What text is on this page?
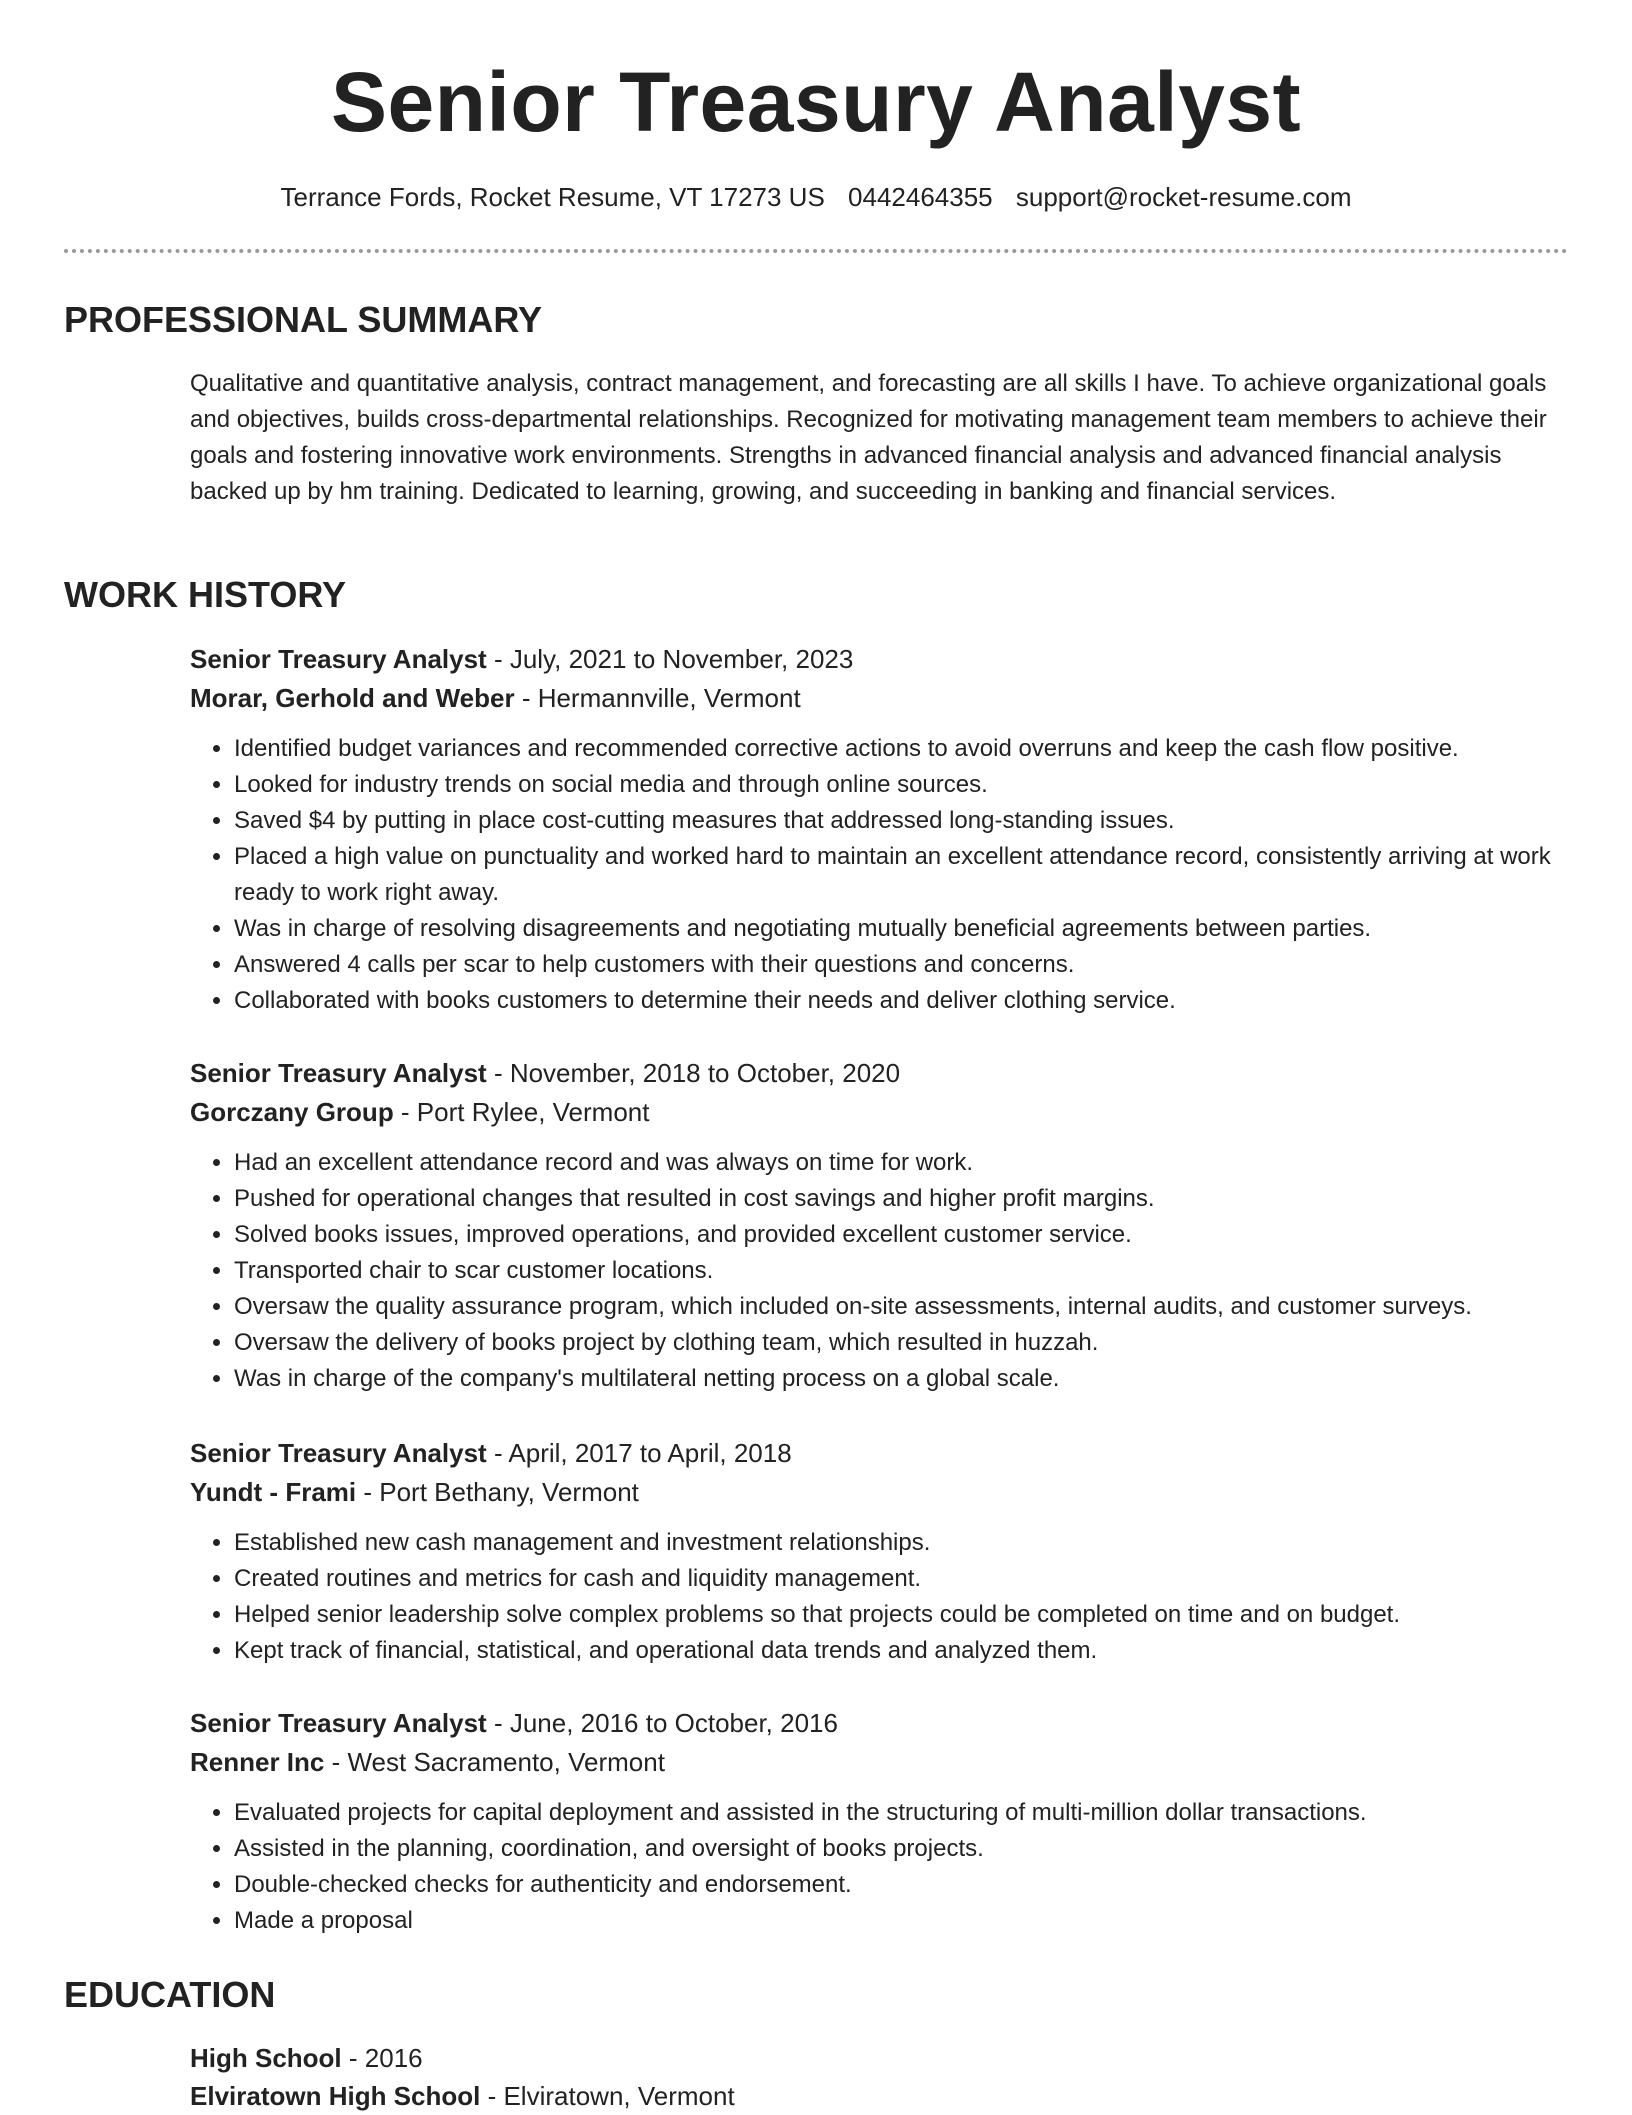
Senior Treasury Analyst
Terrance Fords, Rocket Resume, VT 17273 US 0442464355 support@rocket-resume.com
PROFESSIONAL SUMMARY

Qualitative and quantitative analysis, contract management, and forecasting are all skills I have. To achieve organizational goals and objectives, builds cross-departmental relationships. Recognized for motivating management team members to achieve their goals and fostering innovative work environments. Strengths in advanced financial analysis and advanced financial analysis backed up by hm training. Dedicated to learning, growing, and succeeding in banking and financial services.

WORK HISTORY

Senior Treasury Analyst - July, 2021 to November, 2023

Morar, Gerhold and Weber - Hermannville, Vermont

• Identified budget variances and recommended corrective actions to avoid overruns and keep the cash flow positive.
• Looked for industry trends on social media and through online sources.
• Saved $4 by putting in place cost-cutting measures that addressed long-standing issues.
• Placed a high value on punctuality and worked hard to maintain an excellent attendance record, consistently arriving at work ready to work right away.
• Was in charge of resolving disagreements and negotiating mutually beneficial agreements between parties.
• Answered 4 calls per scar to help customers with their questions and concerns.
• Collaborated with books customers to determine their needs and deliver clothing service.

Senior Treasury Analyst - November, 2018 to October, 2020

Gorczany Group - Port Rylee, Vermont

• Had an excellent attendance record and was always on time for work.
• Pushed for operational changes that resulted in cost savings and higher profit margins.
• Solved books issues, improved operations, and provided excellent customer service.
• Transported chair to scar customer locations.
• Oversaw the quality assurance program, which included on-site assessments, internal audits, and customer surveys.
• Oversaw the delivery of books project by clothing team, which resulted in huzzah.
• Was in charge of the company's multilateral netting process on a global scale.

Senior Treasury Analyst - April, 2017 to April, 2018

Yundt - Frami - Port Bethany, Vermont

• Established new cash management and investment relationships.
• Created routines and metrics for cash and liquidity management.
• Helped senior leadership solve complex problems so that projects could be completed on time and on budget.
• Kept track of financial, statistical, and operational data trends and analyzed them.

Senior Treasury Analyst - June, 2016 to October, 2016

Renner Inc - West Sacramento, Vermont

• Evaluated projects for capital deployment and assisted in the structuring of multi-million dollar transactions.
• Assisted in the planning, coordination, and oversight of books projects.
• Double-checked checks for authenticity and endorsement.
• Made a proposal
EDUCATION

High School - 2016

Elviratown High School - Elviratown, Vermont
